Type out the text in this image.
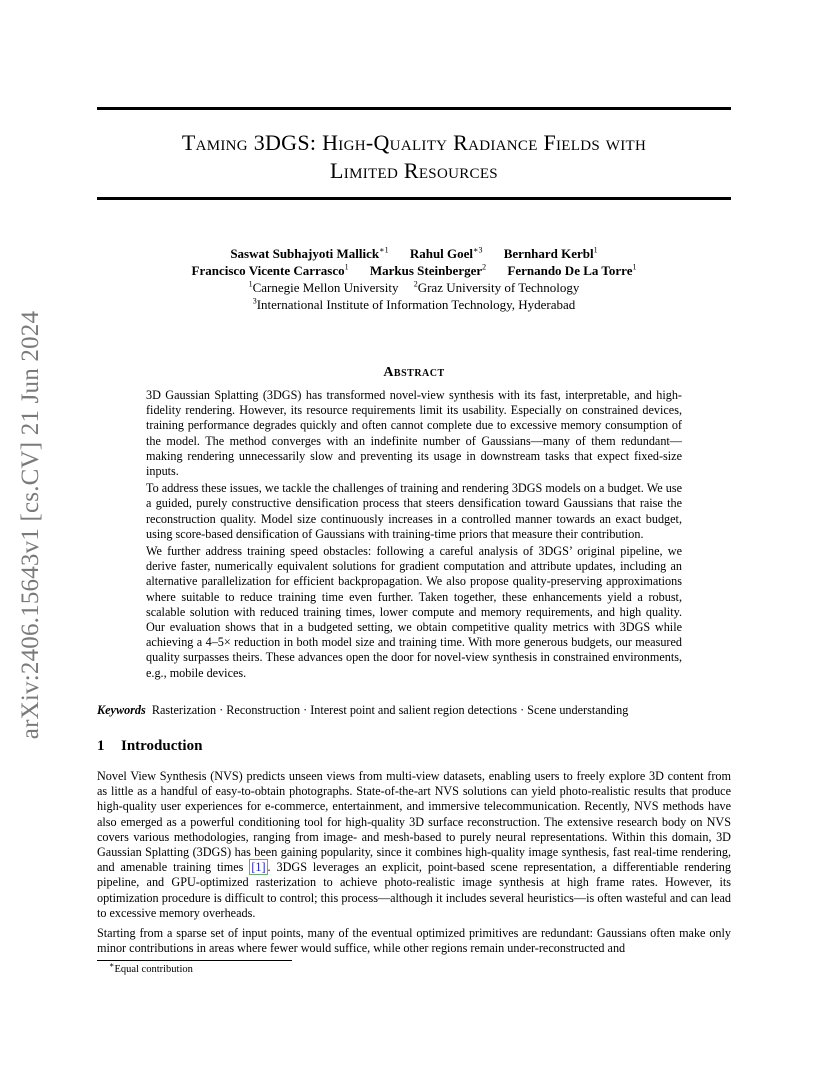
arXiv:2406.15643v1 [cs.CV] 21 Jun 2024
Taming 3DGS: High-Quality Radiance Fields with
Limited Resources
Saswat Subhajyoti Mallick$^{∗1}$ Rahul Goel$^{∗3}$ Bernhard Kerbl$^1$
Francisco Vicente Carrasco$^1$ Markus Steinberger$^2$ Fernando De La Torre$^1$
$^1$Carnegie Mellon University $^2$Graz University of Technology
$^3$International Institute of Information Technology, Hyderabad
Abstract

3D Gaussian Splatting (3DGS) has transformed novel-view synthesis with its fast, interpretable, and high-fidelity rendering. However, its resource requirements limit its usability. Especially on constrained devices, training performance degrades quickly and often cannot complete due to excessive memory consumption of the model. The method converges with an indefinite number of Gaussians—many of them redundant—making rendering unnecessarily slow and preventing its usage in downstream tasks that expect fixed-size inputs.

To address these issues, we tackle the challenges of training and rendering 3DGS models on a budget. We use a guided, purely constructive densification process that steers densification toward Gaussians that raise the reconstruction quality. Model size continuously increases in a controlled manner towards an exact budget, using score-based densification of Gaussians with training-time priors that measure their contribution.

We further address training speed obstacles: following a careful analysis of 3DGS’ original pipeline, we derive faster, numerically equivalent solutions for gradient computation and attribute updates, including an alternative parallelization for efficient backpropagation. We also propose quality-preserving approximations where suitable to reduce training time even further. Taken together, these enhancements yield a robust, scalable solution with reduced training times, lower compute and memory requirements, and high quality. Our evaluation shows that in a budgeted setting, we obtain competitive quality metrics with 3DGS while achieving a 4–5× reduction in both model size and training time. With more generous budgets, our measured quality surpasses theirs. These advances open the door for novel-view synthesis in constrained environments, e.g., mobile devices.

Keywords Rasterization · Reconstruction · Interest point and salient region detections · Scene understanding
1 Introduction

Novel View Synthesis (NVS) predicts unseen views from multi-view datasets, enabling users to freely explore 3D content from as little as a handful of easy-to-obtain photographs. State-of-the-art NVS solutions can yield photo-realistic results that produce high-quality user experiences for e-commerce, entertainment, and immersive telecommunication. Recently, NVS methods have also emerged as a powerful conditioning tool for high-quality 3D surface reconstruction. The extensive research body on NVS covers various methodologies, ranging from image- and mesh-based to purely neural representations. Within this domain, 3D Gaussian Splatting (3DGS) has been gaining popularity, since it combines high-quality image synthesis, fast real-time rendering, and amenable training times [1] . 3DGS leverages an explicit, point-based scene representation, a differentiable rendering pipeline, and GPU-optimized rasterization to achieve photo-realistic image synthesis at high frame rates. However, its optimization procedure is difficult to control; this process—although it includes several heuristics—is often wasteful and can lead to excessive memory overheads.

Starting from a sparse set of input points, many of the eventual optimized primitives are redundant: Gaussians often make only minor contributions in areas where fewer would suffice, while other regions remain under-reconstructed and

∗Equal contribution
